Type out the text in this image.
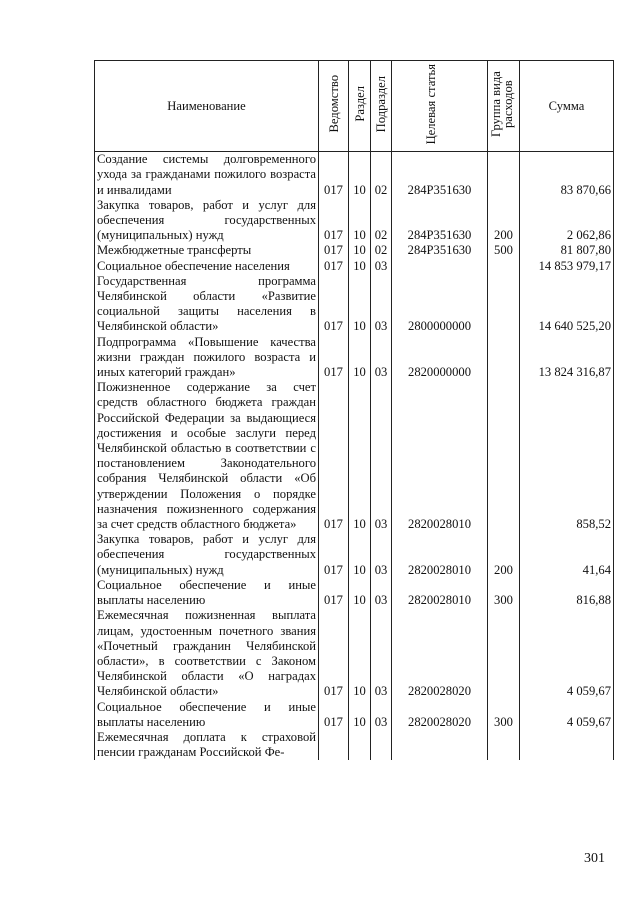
Наименование	Ведомство	Раздел	Подраздел	Целевая статья	Группа вида расходов	Сумма
Создание системы долговременного ухода за гражданами пожилого возраста и инвалидами	017	10	02	284P351630		83 870,66
Закупка товаров, работ и услуг для обеспечения государственных (муниципальных) нужд	017	10	02	284P351630	200	2 062,86
Межбюджетные трансферты	017	10	02	284P351630	500	81 807,80
Социальное обеспечение населения	017	10	03			14 853 979,17
Государственная программа Челябинской области «Развитие социальной защиты населения в Челябинской области»	017	10	03	2800000000		14 640 525,20
Подпрограмма «Повышение качества жизни граждан пожилого возраста и иных категорий граждан»	017	10	03	2820000000		13 824 316,87
Пожизненное содержание за счет средств областного бюджета граждан Российской Федерации за выдающиеся достижения и особые заслуги перед Челябинской областью в соответствии с постановлением Законодательного собрания Челябинской области «Об утверждении Положения о порядке назначения пожизненного содержания за счет средств областного бюджета»	017	10	03	2820028010		858,52
Закупка товаров, работ и услуг для обеспечения государственных (муниципальных) нужд	017	10	03	2820028010	200	41,64
Социальное обеспечение и иные выплаты населению	017	10	03	2820028010	300	816,88
Ежемесячная пожизненная выплата лицам, удостоенным почетного звания «Почетный гражданин Челябинской области», в соответствии с Законом Челябинской области «О наградах Челябинской области»	017	10	03	2820028020		4 059,67
Социальное обеспечение и иные выплаты населению	017	10	03	2820028020	300	4 059,67
Ежемесячная доплата к страховой пенсии гражданам Российской Фе-						
301
